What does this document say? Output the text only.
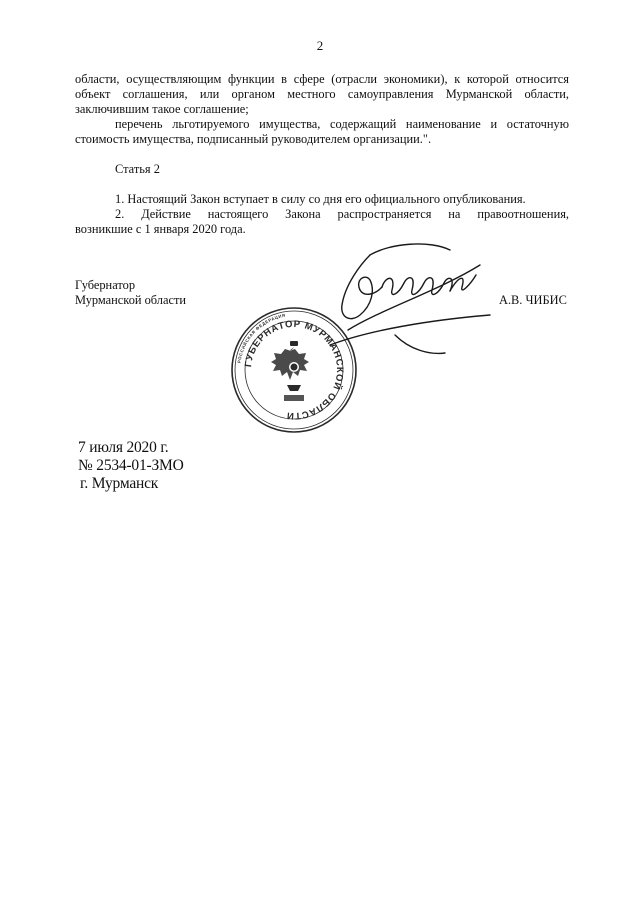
2
области, осуществляющим функции в сфере (отрасли экономики), к которой относится
объект соглашения, или органом местного самоуправления Мурманской области,
заключившим такое соглашение;
перечень льготируемого имущества, содержащий наименование и остаточную
стоимость имущества, подписанный руководителем организации.".
Статья 2
1. Настоящий Закон вступает в силу со дня его официального опубликования.
2. Действие настоящего Закона распространяется на правоотношения,
возникшие с 1 января 2020 года.
Губернатор
Мурманской области	А.В. ЧИБИС
РОССИЙСКАЯ ФЕДЕРАЦИЯ
ГУБЕРНАТОР МУРМАНСКОЙ ОБЛАСТИ
7 июля 2020 г.
№ 2534-01-ЗМО
г. Мурманск
